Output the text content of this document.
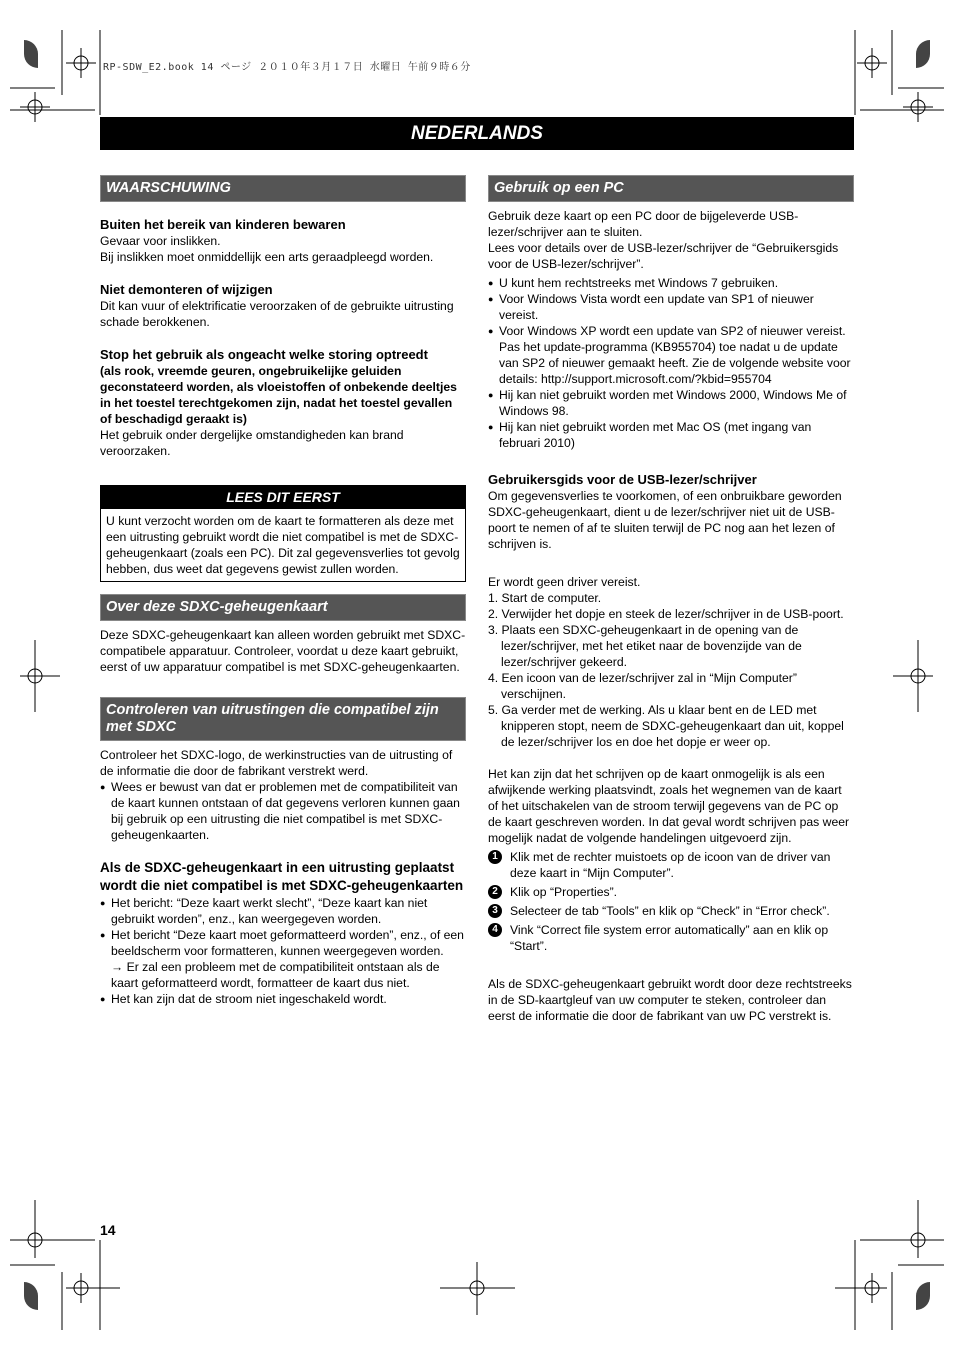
RP-SDW_E2.book 14 ページ ２０１０年３月１７日 水曜日 午前９時６分
NEDERLANDS
WAARSCHUWING
Buiten het bereik van kinderen bewaren

Gevaar voor inslikken.

Bij inslikken moet onmiddellijk een arts geraadpleegd worden.

Niet demonteren of wijzigen

Dit kan vuur of elektrificatie veroorzaken of de gebruikte uitrusting schade berokkenen.

Stop het gebruik als ongeacht welke storing optreedt

(als rook, vreemde geuren, ongebruikelijke geluiden geconstateerd worden, als vloeistoffen of onbekende deeltjes in het toestel terechtgekomen zijn, nadat het toestel gevallen of beschadigd geraakt is)

Het gebruik onder dergelijke omstandigheden kan brand veroorzaken.

LEES DIT EERST

U kunt verzocht worden om de kaart te formatteren als deze met een uitrusting gebruikt wordt die niet compatibel is met de SDXC-geheugenkaart (zoals een PC). Dit zal gegevensverlies tot gevolg hebben, dus weet dat gegevens gewist zullen worden.

Over deze SDXC-geheugenkaart

Deze SDXC-geheugenkaart kan alleen worden gebruikt met SDXC-compatibele apparatuur. Controleer, voordat u deze kaart gebruikt, eerst of uw apparatuur compatibel is met SDXC-geheugenkaarten.

Controleren van uitrustingen die compatibel zijn met SDXC

Controleer het SDXC-logo, de werkinstructies van de uitrusting of de informatie die door de fabrikant verstrekt werd.

● Wees er bewust van dat er problemen met de compatibiliteit van de kaart kunnen ontstaan of dat gegevens verloren kunnen gaan bij gebruik op een uitrusting die niet compatibel is met SDXC-geheugenkaarten.
Als de SDXC-geheugenkaart in een uitrusting geplaatst wordt die niet compatibel is met SDXC-geheugenkaarten
● Het bericht: “Deze kaart werkt slecht”, “Deze kaart kan niet gebruikt worden”, enz., kan weergegeven worden.
● Het bericht “Deze kaart moet geformatteerd worden”, enz., of een beeldscherm voor formatteren, kunnen weergegeven worden.
→ Er zal een probleem met de compatibiliteit ontstaan als de kaart geformatteerd wordt, formatteer de kaart dus niet.
● Het kan zijn dat de stroom niet ingeschakeld wordt.
Gebruik op een PC

Gebruik deze kaart op een PC door de bijgeleverde USB-lezer/schrijver aan te sluiten.

Lees voor details over de USB-lezer/schrijver de “Gebruikersgids voor de USB-lezer/schrijver”.

● U kunt hem rechtstreeks met Windows 7 gebruiken.
● Voor Windows Vista wordt een update van SP1 of nieuwer vereist.
● Voor Windows XP wordt een update van SP2 of nieuwer vereist. Pas het update-programma (KB955704) toe nadat u de update van SP2 of nieuwer gemaakt heeft. Zie de volgende website voor details: http://support.microsoft.com/?kbid=955704
● Hij kan niet gebruikt worden met Windows 2000, Windows Me of Windows 98.
● Hij kan niet gebruikt worden met Mac OS (met ingang van februari 2010)
Gebruikersgids voor de USB-lezer/schrijver

Om gegevensverlies te voorkomen, of een onbruikbare geworden SDXC-geheugenkaart, dient u de lezer/schrijver niet uit de USB-poort te nemen of af te sluiten terwijl de PC nog aan het lezen of schrijven is.

Er wordt geen driver vereist.

1. Start de computer.
2. Verwijder het dopje en steek de lezer/schrijver in de USB-poort.
3. Plaats een SDXC-geheugenkaart in de opening van de lezer/schrijver, met het etiket naar de bovenzijde van de lezer/schrijver gekeerd.
4. Een icoon van de lezer/schrijver zal in “Mijn Computer” verschijnen.
5. Ga verder met de werking. Als u klaar bent en de LED met knipperen stopt, neem de SDXC-geheugenkaart dan uit, koppel de lezer/schrijver los en doe het dopje er weer op.

Het kan zijn dat het schrijven op de kaart onmogelijk is als een afwijkende werking plaatsvindt, zoals het wegnemen van de kaart of het uitschakelen van de stroom terwijl gegevens van de PC op de kaart geschreven worden. In dat geval wordt schrijven pas weer mogelijk nadat de volgende handelingen uitgevoerd zijn.

1	Klik met de rechter muistoets op de icoon van de driver van deze kaart in “Mijn Computer”.
2	Klik op “Properties”.
3	Selecteer de tab “Tools” en klik op “Check” in “Error check”.
4	Vink “Correct file system error automatically” aan en klik op “Start”.

Als de SDXC-geheugenkaart gebruikt wordt door deze rechtstreeks in de SD-kaartgleuf van uw computer te steken, controleer dan eerst de informatie die door de fabrikant van uw PC verstrekt is.

14
